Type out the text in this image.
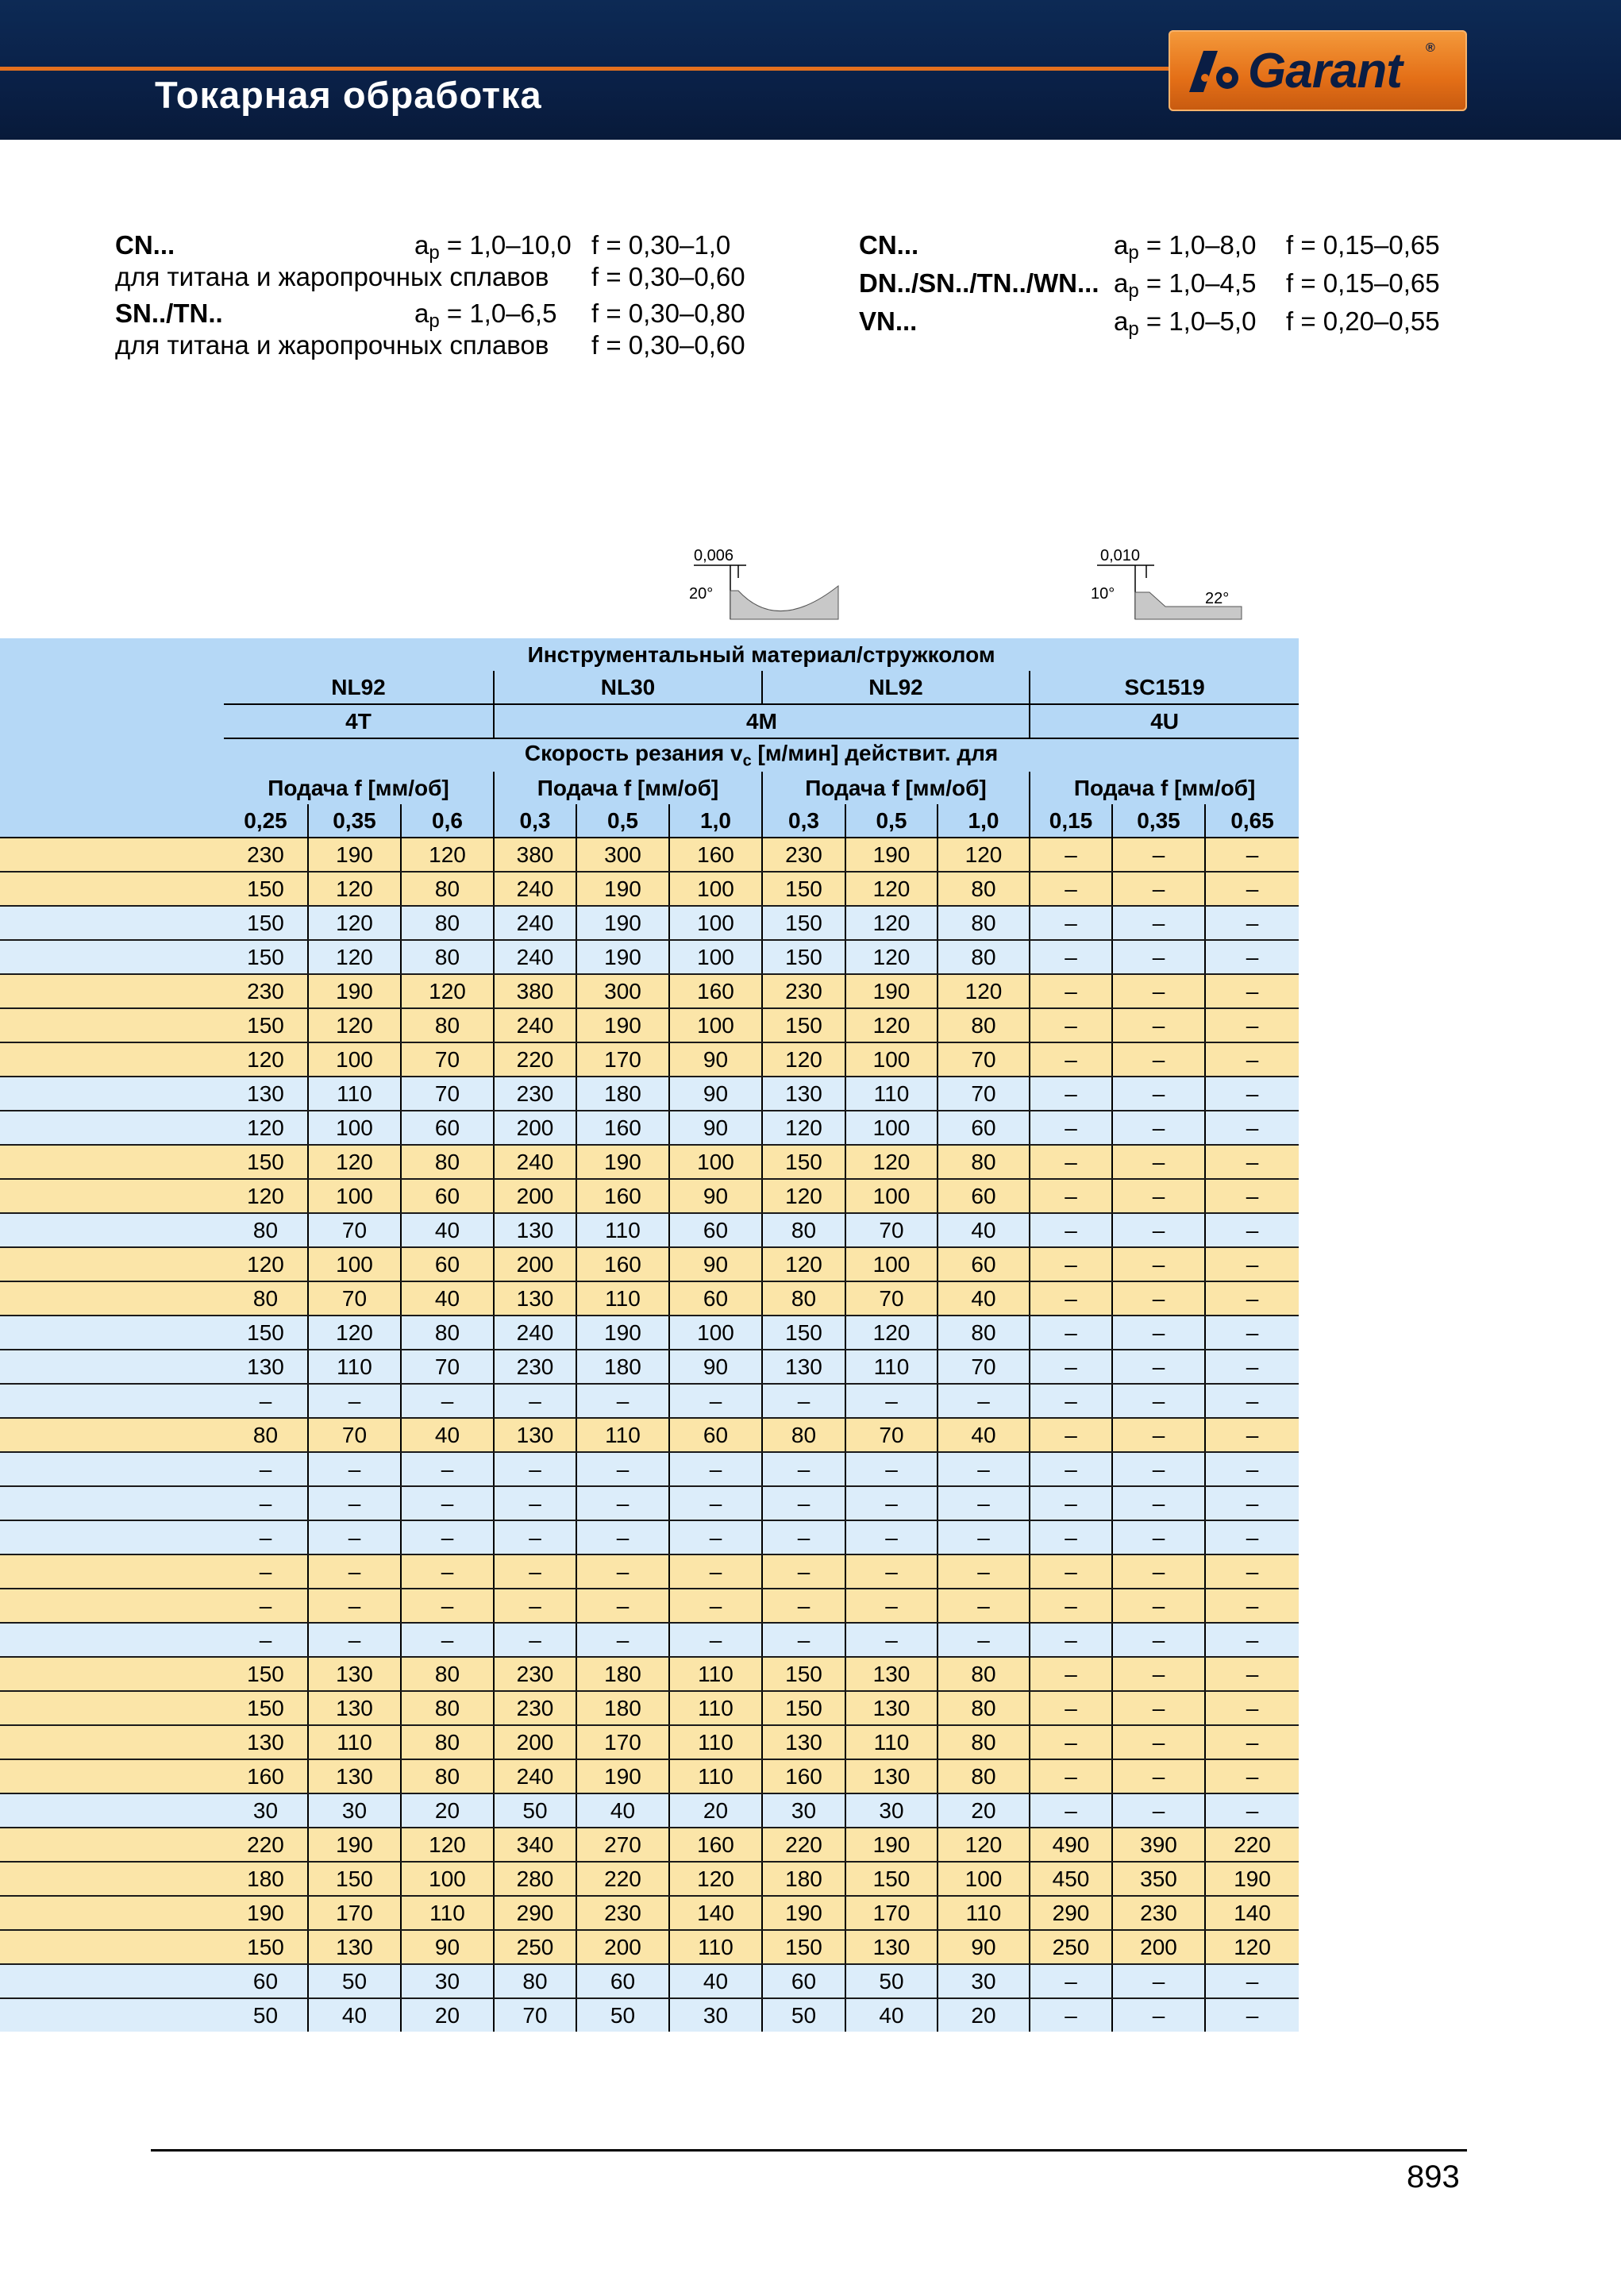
Токарная обработка	Garant ®
CN...	$a_p = 1,0-10,0$ f = 0,30–1,0
для титана и жаропрочных сплавов f = 0,30–0,60
SN../TN..	$a_p = 1,0-6,5$ f = 0,30–0,80
для титана и жаропрочных сплавов f = 0,30–0,60
CN...	$a_p = 1,0-8,0$ f = 0,15–0,65
DN../SN../TN../WN... $a_p = 1,0-4,5$ f = 0,15–0,65
VN...	$a_p = 1,0-5,0$ f = 0,20–0,55
0,006
20°
0,010
10°	22°
	Инструментальный материал/стружколом											
	NL92			NL30			NL92			SC1519		
	4T			4M						4U		
	Скорость резания $v_c$ [м/мин] действит. для											
	Подача f [мм/об]			Подача f [мм/об]			Подача f [мм/об]			Подача f [мм/об]		
	0,25	0,35	0,6	0,3	0,5	1,0	0,3	0,5	1,0	0,15	0,35	0,65
	230	190	120	380	300	160	230	190	120	–	–	–
	150	120	80	240	190	100	150	120	80	–	–	–
	150	120	80	240	190	100	150	120	80	–	–	–
	150	120	80	240	190	100	150	120	80	–	–	–
	230	190	120	380	300	160	230	190	120	–	–	–
	150	120	80	240	190	100	150	120	80	–	–	–
	120	100	70	220	170	90	120	100	70	–	–	–
	130	110	70	230	180	90	130	110	70	–	–	–
	120	100	60	200	160	90	120	100	60	–	–	–
	150	120	80	240	190	100	150	120	80	–	–	–
	120	100	60	200	160	90	120	100	60	–	–	–
	80	70	40	130	110	60	80	70	40	–	–	–
	120	100	60	200	160	90	120	100	60	–	–	–
	80	70	40	130	110	60	80	70	40	–	–	–
	150	120	80	240	190	100	150	120	80	–	–	–
	130	110	70	230	180	90	130	110	70	–	–	–
	–	–	–	–	–	–	–	–	–	–	–	–
	80	70	40	130	110	60	80	70	40	–	–	–
	–	–	–	–	–	–	–	–	–	–	–	–
	–	–	–	–	–	–	–	–	–	–	–	–
	–	–	–	–	–	–	–	–	–	–	–	–
	–	–	–	–	–	–	–	–	–	–	–	–
	–	–	–	–	–	–	–	–	–	–	–	–
	–	–	–	–	–	–	–	–	–	–	–	–
	150	130	80	230	180	110	150	130	80	–	–	–
	150	130	80	230	180	110	150	130	80	–	–	–
	130	110	80	200	170	110	130	110	80	–	–	–
	160	130	80	240	190	110	160	130	80	–	–	–
	30	30	20	50	40	20	30	30	20	–	–	–
	220	190	120	340	270	160	220	190	120	490	390	220
	180	150	100	280	220	120	180	150	100	450	350	190
	190	170	110	290	230	140	190	170	110	290	230	140
	150	130	90	250	200	110	150	130	90	250	200	120
	60	50	30	80	60	40	60	50	30	–	–	–
	50	40	20	70	50	30	50	40	20	–	–	–
893
